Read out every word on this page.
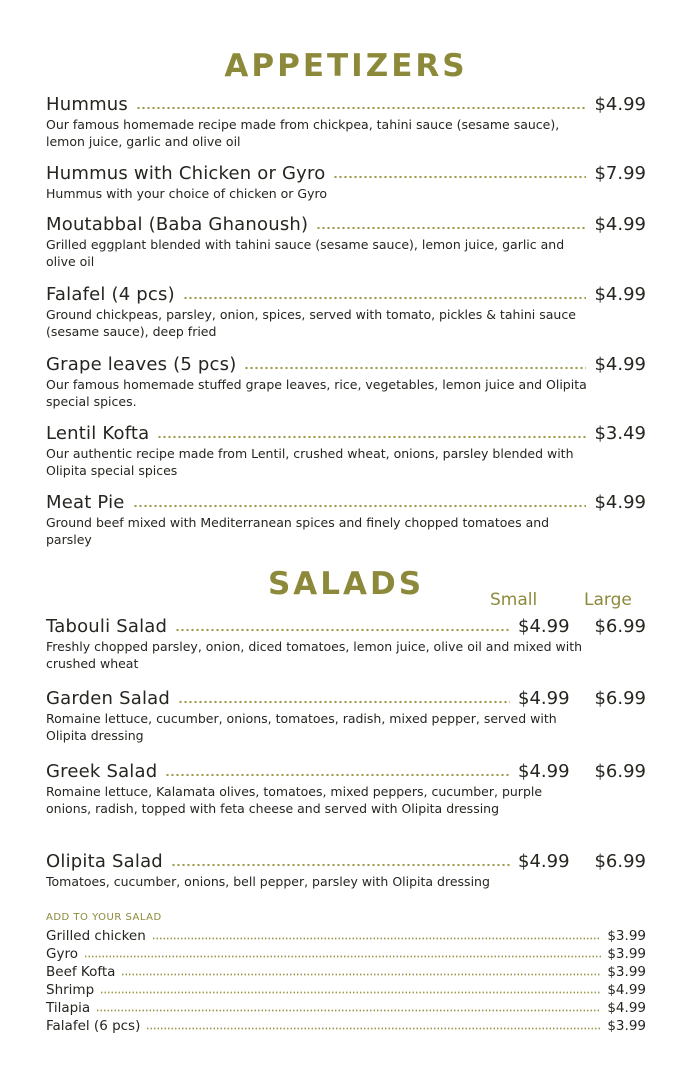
APPETIZERS
Hummus	$4.99
Our famous homemade recipe made from chickpea, tahini sauce (sesame sauce), lemon juice, garlic and olive oil
Hummus with Chicken or Gyro	$7.99
Hummus with your choice of chicken or Gyro
Moutabbal (Baba Ghanoush)	$4.99
Grilled eggplant blended with tahini sauce (sesame sauce), lemon juice, garlic and olive oil
Falafel (4 pcs)	$4.99
Ground chickpeas, parsley, onion, spices, served with tomato, pickles & tahini sauce (sesame sauce), deep fried
Grape leaves (5 pcs)	$4.99
Our famous homemade stuffed grape leaves, rice, vegetables, lemon juice and Olipita special spices.
Lentil Kofta	$3.49
Our authentic recipe made from Lentil, crushed wheat, onions, parsley blended with Olipita special spices
Meat Pie	$4.99
Ground beef mixed with Mediterranean spices and finely chopped tomatoes and parsley
SALADS	Small	Large
Tabouli Salad	$4.99	$6.99
Freshly chopped parsley, onion, diced tomatoes, lemon juice, olive oil and mixed with crushed wheat
Garden Salad	$4.99	$6.99
Romaine lettuce, cucumber, onions, tomatoes, radish, mixed pepper, served with Olipita dressing
Greek Salad	$4.99	$6.99
Romaine lettuce, Kalamata olives, tomatoes, mixed peppers, cucumber, purple onions, radish, topped with feta cheese and served with Olipita dressing
Olipita Salad	$4.99	$6.99
Tomatoes, cucumber, onions, bell pepper, parsley with Olipita dressing
ADD TO YOUR SALAD
Grilled chicken	$3.99
Gyro	$3.99
Beef Kofta	$3.99
Shrimp	$4.99
Tilapia	$4.99
Falafel (6 pcs)	$3.99
